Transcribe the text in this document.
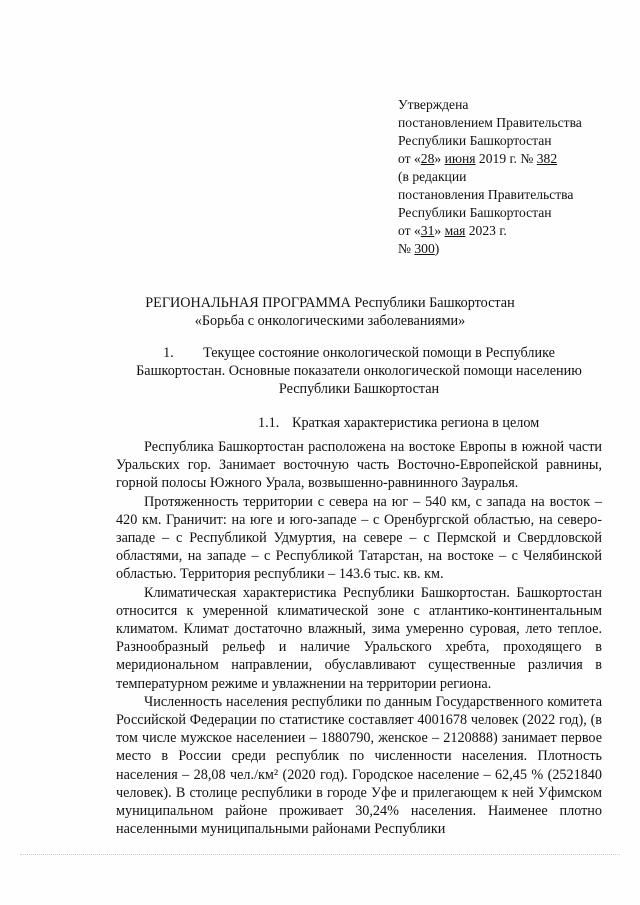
Утверждена
постановлением Правительства
Республики Башкортостан
от «28» июня 2019 г. № 382
(в редакции
постановления Правительства
Республики Башкортостан
от «31» мая 2023 г.
№ 300)
РЕГИОНАЛЬНАЯ ПРОГРАММА Республики Башкортостан
«Борьба с онкологическими заболеваниями»
1. Текущее состояние онкологической помощи в Республике
Башкортостан. Основные показатели онкологической помощи населению
Республики Башкортостан
1.1. Краткая характеристика региона в целом

Республика Башкортостан расположена на востоке Европы в южной части Уральских гор. Занимает восточную часть Восточно-Европейской равнины, горной полосы Южного Урала, возвышенно-равнинного Зауралья.

Протяженность территории с севера на юг – 540 км, с запада на восток – 420 км. Граничит: на юге и юго-западе – с Оренбургской областью, на северо-западе – с Республикой Удмуртия, на севере – с Пермской и Свердловской областями, на западе – с Республикой Татарстан, на востоке – с Челябинской областью. Территория республики – 143.6 тыс. кв. км.

Климатическая характеристика Республики Башкортостан. Башкортостан относится к умеренной климатической зоне с атлантико-континентальным климатом. Климат достаточно влажный, зима умеренно суровая, лето теплое. Разнообразный рельеф и наличие Уральского хребта, проходящего в меридиональном направлении, обуславливают существенные различия в температурном режиме и увлажнении на территории региона.

Численность населения республики по данным Государственного комитета Российской Федерации по статистике составляет 4001678 человек (2022 год), (в том числе мужское населениеи – 1880790, женское – 2120888) занимает первое место в России среди республик по численности населения. Плотность населения – 28,08 чел./км² (2020 год). Городское население – 62,45 % (2521840 человек). В столице республики в городе Уфе и прилегающем к ней Уфимском муниципальном районе проживает 30,24% населения. Наименее плотно населенными муниципальными районами Республики
